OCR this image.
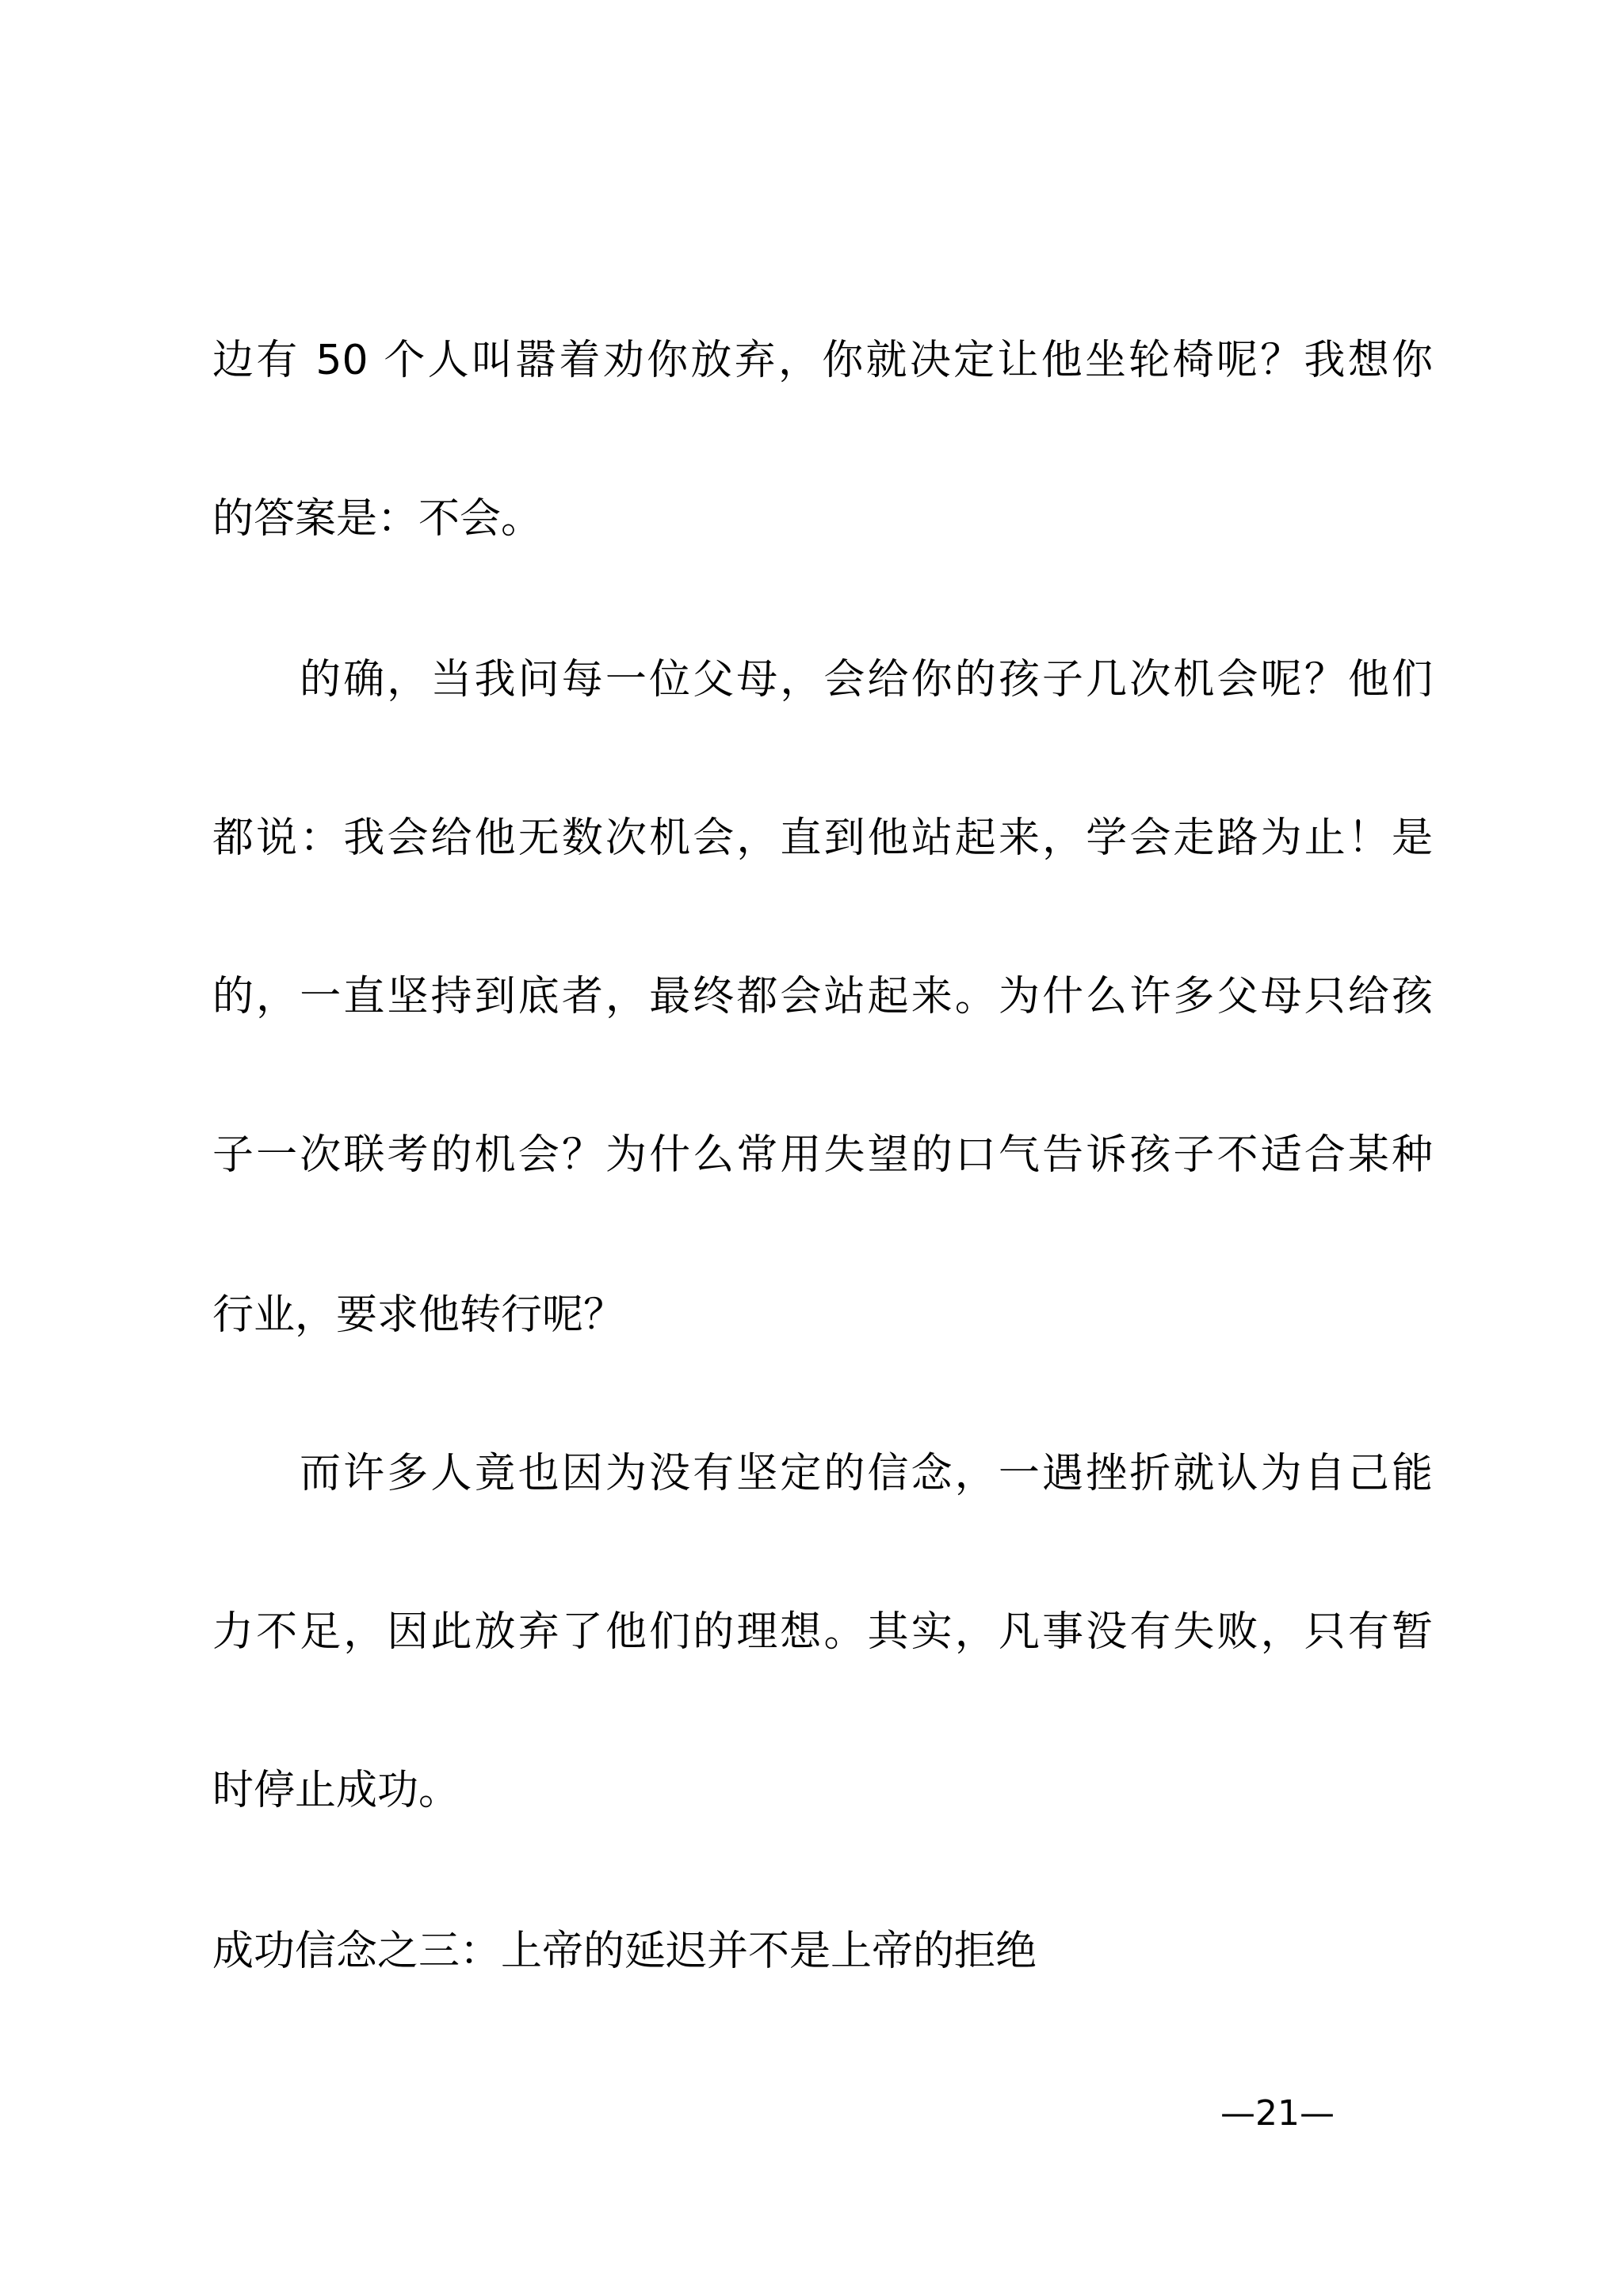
边有 50 个人叫嚣着劝你放弃，你就决定让他坐轮椅呢？我想你
的答案是：不会。
的确，当我问每一位父母，会给你的孩子几次机会呢？他们
都说：我会给他无数次机会，直到他站起来，学会走路为止！是
的，一直坚持到底者，最终都会站起来。为什么许多父母只给孩
子一次联考的机会？为什么常用失望的口气告诉孩子不适合某种
行业，要求他转行呢？
而许多人竟也因为没有坚定的信念，一遇挫折就认为自己能
力不足，因此放弃了他们的理想。其实，凡事没有失败，只有暂
时停止成功。
成功信念之三：上帝的延迟并不是上帝的拒绝
—21—
